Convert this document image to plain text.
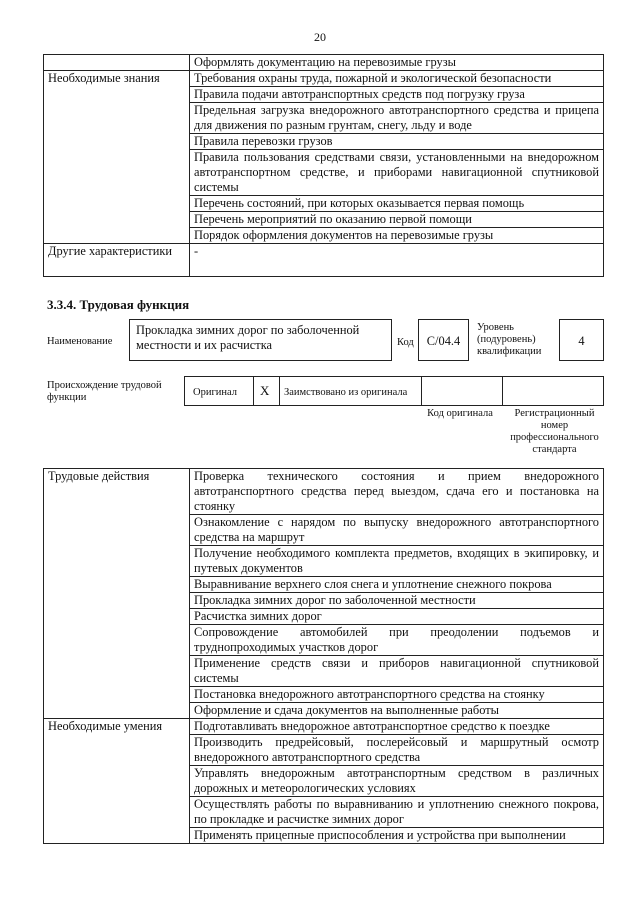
20
	Оформлять документацию на перевозимые грузы
Необходимые знания	Требования охраны труда, пожарной и экологической безопасности
	Правила подачи автотранспортных средств под погрузку груза
	Предельная загрузка внедорожного автотранспортного средства и прицепа для движения по разным грунтам, снегу, льду и воде
	Правила перевозки грузов
	Правила пользования средствами связи, установленными на внедорожном автотранспортном средстве, и приборами навигационной спутниковой системы
	Перечень состояний, при которых оказывается первая помощь
	Перечень мероприятий по оказанию первой помощи
	Порядок оформления документов на перевозимые грузы
Другие характеристики	-
3.3.4. Трудовая функция
Наименование
Прокладка зимних дорог по заболоченной местности и их расчистка	Код	C/04.4
Уровень (подуровень) квалификации
4
Происхождение трудовой функции	Оригинал X Заимствовано из оригинала
Код оригинала	Регистрационный номер профессионального стандарта
Трудовые действия	Проверка технического состояния и прием внедорожного автотранспортного средства перед выездом, сдача его и постановка на стоянку
	Ознакомление с нарядом по выпуску внедорожного автотранспортного средства на маршрут
	Получение необходимого комплекта предметов, входящих в экипировку, и путевых документов
	Выравнивание верхнего слоя снега и уплотнение снежного покрова
	Прокладка зимних дорог по заболоченной местности
	Расчистка зимних дорог
	Сопровождение автомобилей при преодолении подъемов и труднопроходимых участков дорог
	Применение средств связи и приборов навигационной спутниковой системы
	Постановка внедорожного автотранспортного средства на стоянку
	Оформление и сдача документов на выполненные работы
Необходимые умения	Подготавливать внедорожное автотранспортное средство к поездке
	Производить предрейсовый, послерейсовый и маршрутный осмотр внедорожного автотранспортного средства
	Управлять внедорожным автотранспортным средством в различных дорожных и метеорологических условиях
	Осуществлять работы по выравниванию и уплотнению снежного покрова, по прокладке и расчистке зимних дорог
	Применять прицепные приспособления и устройства при выполнении
